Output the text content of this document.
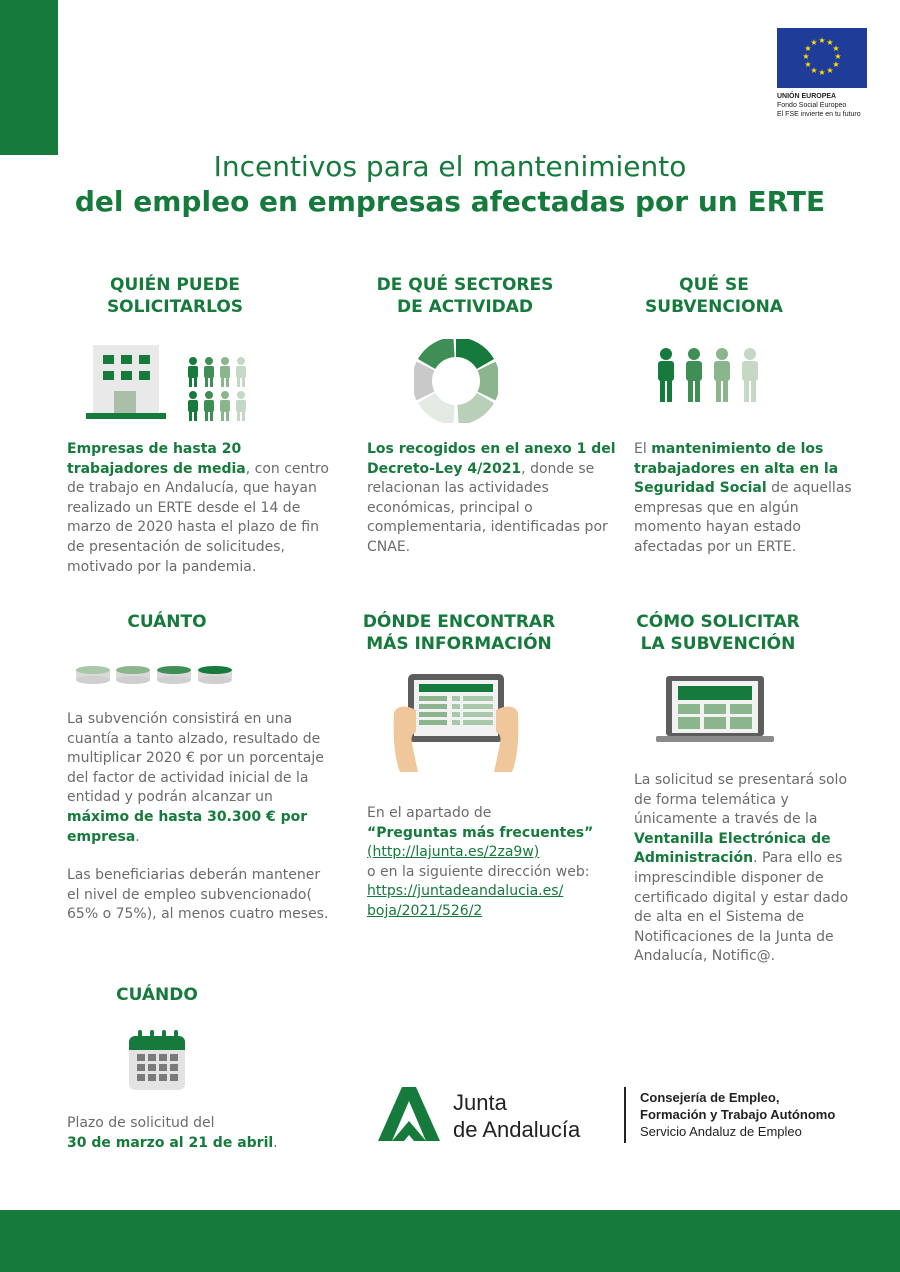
★ ★
★
★
★
★
★
★
★
★
★
★
UNIÓN EUROPEA
Fondo Social Europeo
El FSE invierte en tu futuro
Incentivos para el mantenimiento
del empleo en empresas afectadas por un ERTE
QUIÉN PUEDE
SOLICITARLOS
Empresas de hasta 20 trabajadores de media, con centro de trabajo en Andalucía, que hayan realizado un ERTE desde el 14 de marzo de 2020 hasta el plazo de fin de presentación de solicitudes, motivado por la pandemia.
DE QUÉ SECTORES
DE ACTIVIDAD
Los recogidos en el anexo 1 del Decreto-Ley 4/2021, donde se relacionan las actividades económicas, principal o complementaria, identificadas por CNAE.
QUÉ SE
SUBVENCIONA
El mantenimiento de los trabajadores en alta en la Seguridad Social de aquellas empresas que en algún momento hayan estado afectadas por un ERTE.
CUÁNTO
La subvención consistirá en una cuantía a tanto alzado, resultado de multiplicar 2020 € por un porcentaje del factor de actividad inicial de la entidad y podrán alcanzar un máximo de hasta 30.300 € por empresa.
Las beneficiarias deberán mantener el nivel de empleo subvencionado( 65% o 75%), al menos cuatro meses.
DÓNDE ENCONTRAR
MÁS INFORMACIÓN
En el apartado de
“Preguntas más frecuentes”
(http://lajunta.es/2za9w)
o en la siguiente dirección web:
https://juntadeandalucia.es/
boja/2021/526/2
CÓMO SOLICITAR
LA SUBVENCIÓN
La solicitud se presentará solo de forma telemática y únicamente a través de la Ventanilla Electrónica de Administración. Para ello es imprescindible disponer de certificado digital y estar dado de alta en el Sistema de Notificaciones de la Junta de Andalucía, Notific@.
CUÁNDO
Plazo de solicitud del
30 de marzo al 21 de abril.
Junta
de Andalucía
Consejería de Empleo,
Formación y Trabajo Autónomo
Servicio Andaluz de Empleo
